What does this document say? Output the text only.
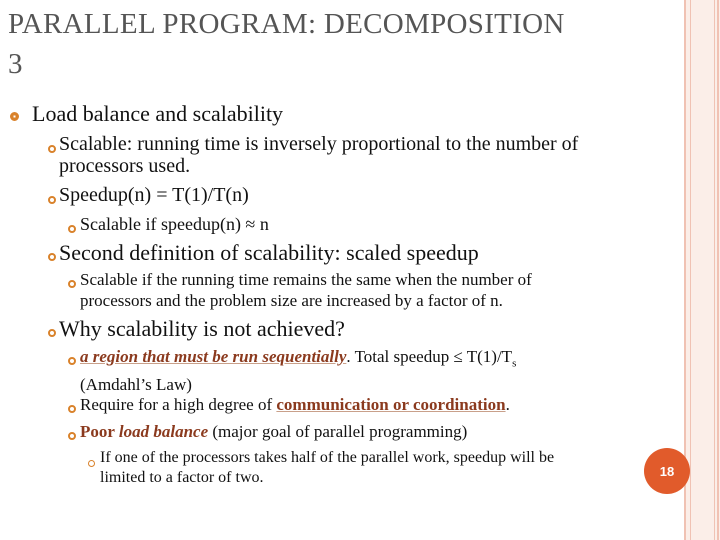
PARALLEL PROGRAM: DECOMPOSITION
3
Load balance and scalability
Scalable: running time is inversely proportional to the number of
processors used.
Speedup(n) = T(1)/T(n)
Scalable if speedup(n) ≈ n
Second definition of scalability: scaled speedup
Scalable if the running time remains the same when the number of
processors and the problem size are increased by a factor of n.
Why scalability is not achieved?
a region that must be run sequentially. Total speedup ≤ $T(1)/T_s$
(Amdahl’s Law)
Require for a high degree of communication or coordination.
Poor load balance (major goal of parallel programming)
If one of the processors takes half of the parallel work, speedup will be
limited to a factor of two.	18
